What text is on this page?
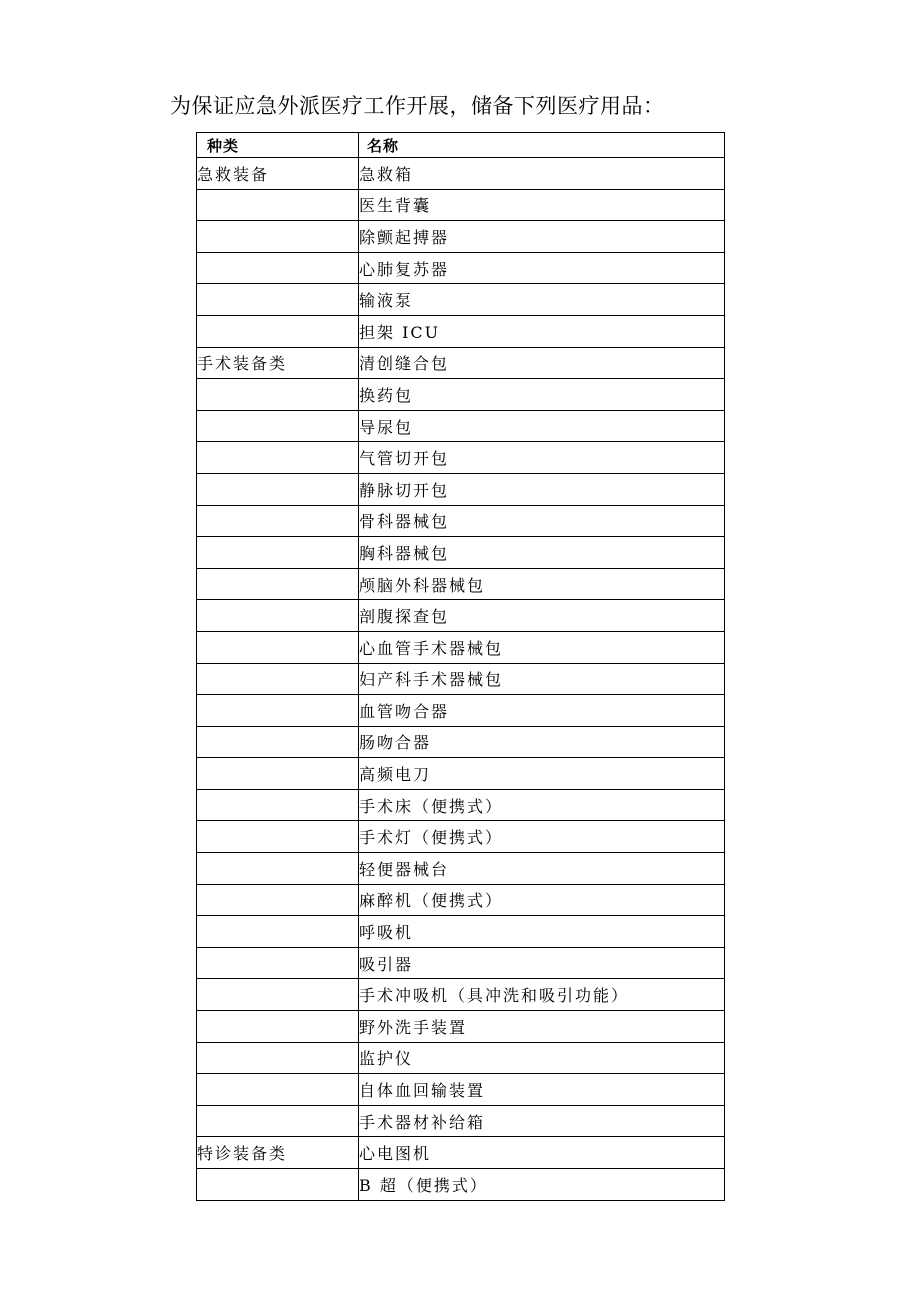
为保证应急外派医疗工作开展，储备下列医疗用品：
种类	名称
急救装备	急救箱
	医生背囊
	除颤起搏器
	心肺复苏器
	输液泵
	担架 ICU
手术装备类	清创缝合包
	换药包
	导尿包
	气管切开包
	静脉切开包
	骨科器械包
	胸科器械包
	颅脑外科器械包
	剖腹探查包
	心血管手术器械包
	妇产科手术器械包
	血管吻合器
	肠吻合器
	高频电刀
	手术床（便携式）
	手术灯（便携式）
	轻便器械台
	麻醉机（便携式）
	呼吸机
	吸引器
	手术冲吸机（具冲洗和吸引功能）
	野外洗手装置
	监护仪
	自体血回输装置
	手术器材补给箱
特诊装备类	心电图机
	B 超（便携式）
